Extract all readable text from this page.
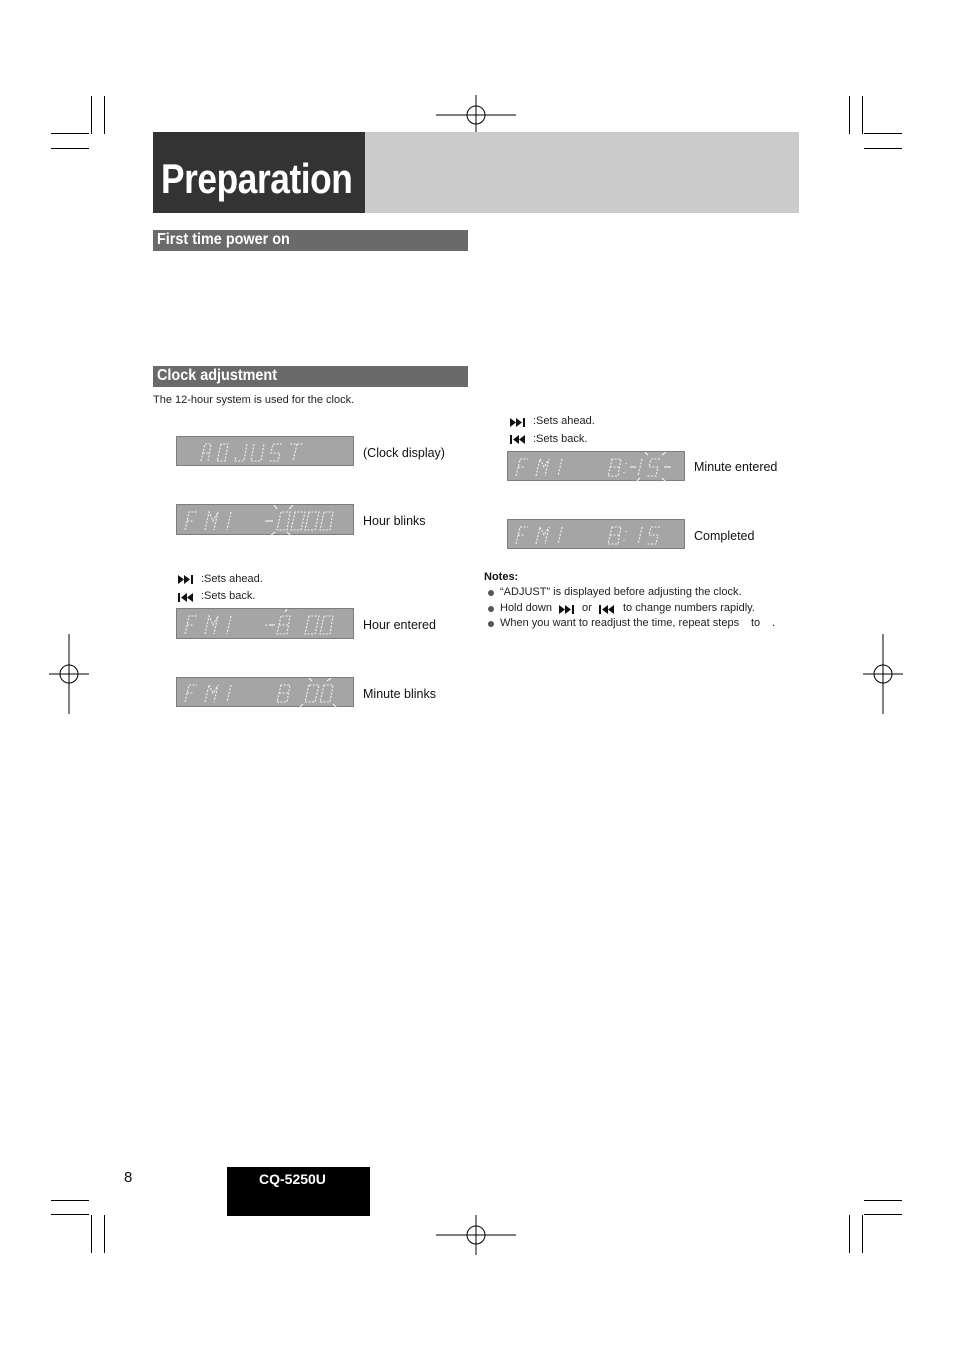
Preparation
First time power on
Clock adjustment
The 12-hour system is used for the clock.
(Clock display)
Hour blinks
:Sets ahead.
:Sets back.
Hour entered
Minute blinks
:Sets ahead.
:Sets back.
Minute entered
Completed
Notes:
“ADJUST” is displayed before adjusting the clock.
Hold down	or	to change numbers rapidly.
When you want to readjust the time, repeat steps to .
8	CQ-5250U
